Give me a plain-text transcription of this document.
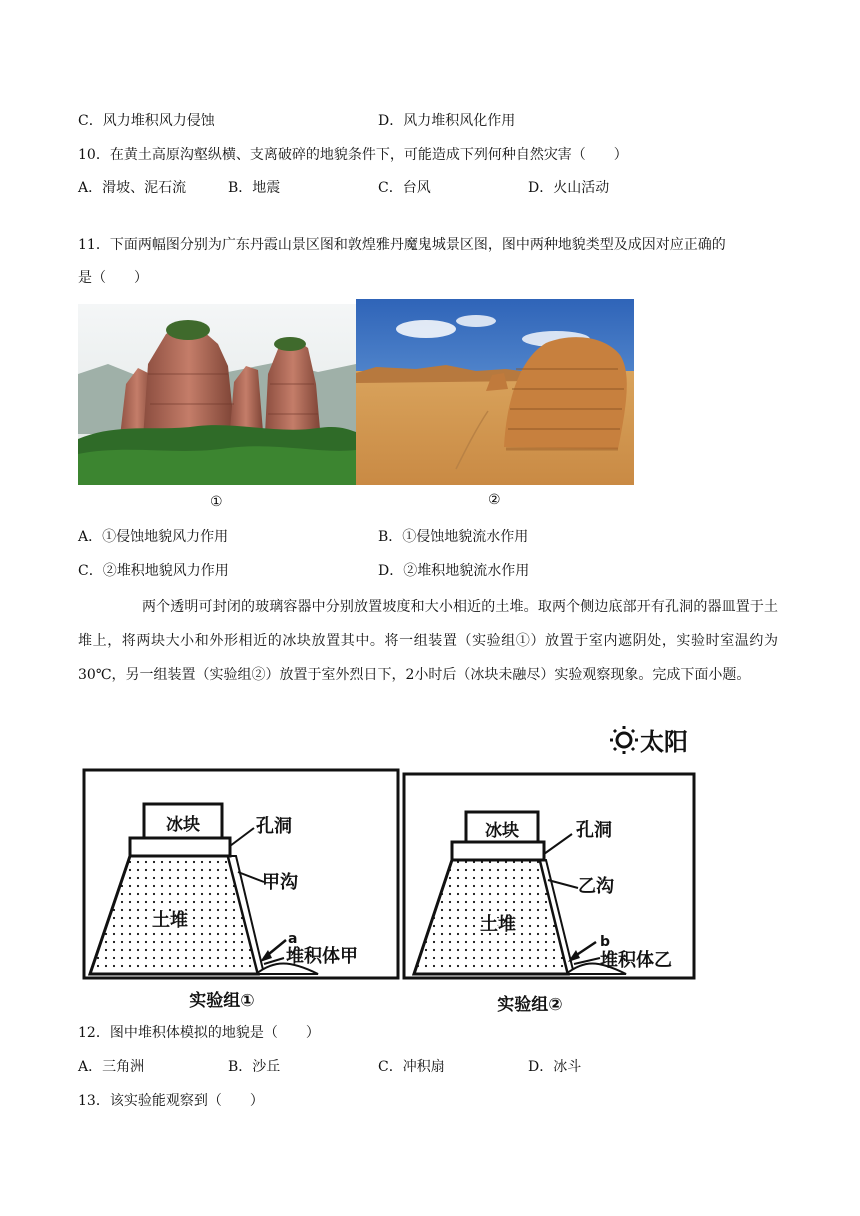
C．风力堆积风力侵蚀	D．风力堆积风化作用
10．在黄土高原沟壑纵横、支离破碎的地貌条件下，可能造成下列何种自然灾害（　　）
A．滑坡、泥石流	B．地震	C．台风	D．火山活动
11．下面两幅图分别为广东丹霞山景区图和敦煌雅丹魔鬼城景区图，图中两种地貌类型及成因对应正确的
是（　　）
①	②
A．①侵蚀地貌风力作用	B．①侵蚀地貌流水作用
C．②堆积地貌风力作用	D．②堆积地貌流水作用
两个透明可封闭的玻璃容器中分别放置坡度和大小相近的土堆。取两个侧边底部开有孔洞的器皿置于土堆上，将两块大小和外形相近的冰块放置其中。将一组装置（实验组①）放置于室内遮阴处，实验时室温约为30℃，另一组装置（实验组②）放置于室外烈日下，2小时后（冰块未融尽）实验观察现象。完成下面小题。
太阳
冰块	孔洞
甲沟
土堆
a
堆积体甲
实验组①
冰块	孔洞
乙沟
土堆
b
堆积体乙
实验组②
12．图中堆积体模拟的地貌是（　　）
A．三角洲	B．沙丘	C．冲积扇	D．冰斗
13．该实验能观察到（　　）
